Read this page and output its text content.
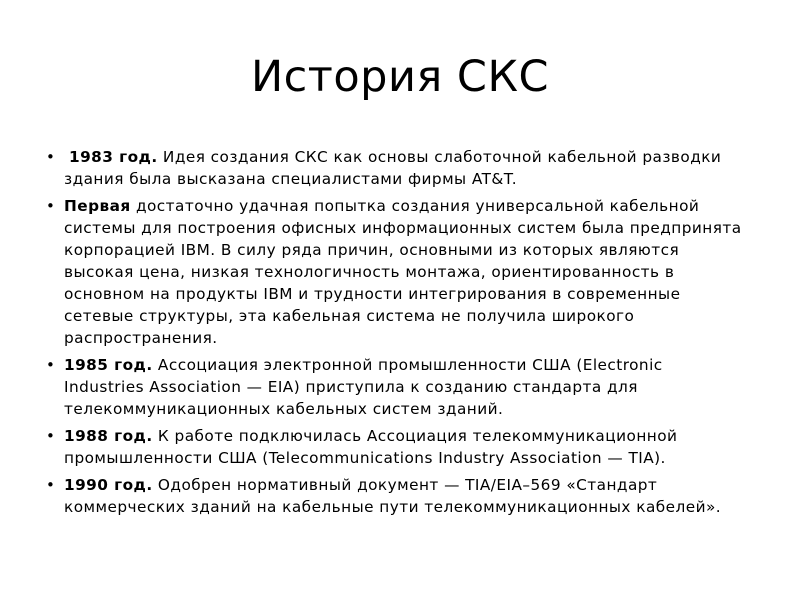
История СКС
• 1983 год. Идея создания СКС как основы слаботочной кабельной разводки здания была высказана специалистами фирмы AT&T.
• Первая достаточно удачная попытка создания универсальной кабельной системы для построения офисных информационных систем была предпринята корпорацией IBM. В силу ряда причин, основными из которых являются высокая цена, низкая технологичность монтажа, ориентированность в основном на продукты IBM и трудности интегрирования в современные сетевые структуры, эта кабельная система не получила широкого распространения.
• 1985 год. Ассоциация электронной промышленности США (Electronic Industries Association — EIA) приступила к созданию стандарта для телекоммуникационных кабельных систем зданий.
• 1988 год. К работе подключилась Ассоциация телекоммуникационной промышленности США (Telecommunications Industry Association — TIA).
• 1990 год. Одобрен нормативный документ — TIA/EIA–569 «Стандарт коммерческих зданий на кабельные пути телекоммуникационных кабелей».
